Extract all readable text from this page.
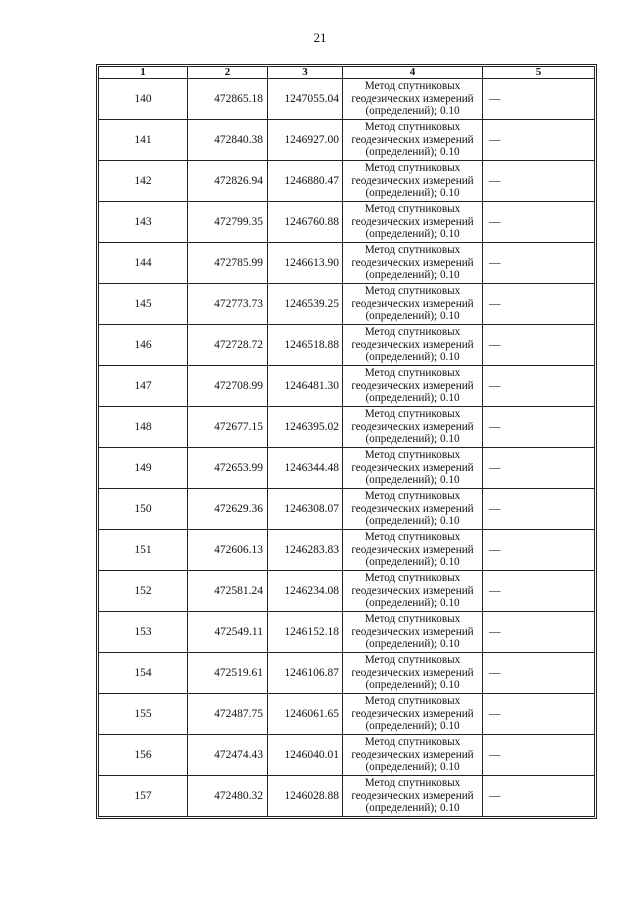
21
1	2	3	4	5
140	472865.18	1247055.04	Метод спутниковых
геодезических измерений
(определений); 0.10	—
141	472840.38	1246927.00	Метод спутниковых
геодезических измерений
(определений); 0.10	—
142	472826.94	1246880.47	Метод спутниковых
геодезических измерений
(определений); 0.10	—
143	472799.35	1246760.88	Метод спутниковых
геодезических измерений
(определений); 0.10	—
144	472785.99	1246613.90	Метод спутниковых
геодезических измерений
(определений); 0.10	—
145	472773.73	1246539.25	Метод спутниковых
геодезических измерений
(определений); 0.10	—
146	472728.72	1246518.88	Метод спутниковых
геодезических измерений
(определений); 0.10	—
147	472708.99	1246481.30	Метод спутниковых
геодезических измерений
(определений); 0.10	—
148	472677.15	1246395.02	Метод спутниковых
геодезических измерений
(определений); 0.10	—
149	472653.99	1246344.48	Метод спутниковых
геодезических измерений
(определений); 0.10	—
150	472629.36	1246308.07	Метод спутниковых
геодезических измерений
(определений); 0.10	—
151	472606.13	1246283.83	Метод спутниковых
геодезических измерений
(определений); 0.10	—
152	472581.24	1246234.08	Метод спутниковых
геодезических измерений
(определений); 0.10	—
153	472549.11	1246152.18	Метод спутниковых
геодезических измерений
(определений); 0.10	—
154	472519.61	1246106.87	Метод спутниковых
геодезических измерений
(определений); 0.10	—
155	472487.75	1246061.65	Метод спутниковых
геодезических измерений
(определений); 0.10	—
156	472474.43	1246040.01	Метод спутниковых
геодезических измерений
(определений); 0.10	—
157	472480.32	1246028.88	Метод спутниковых
геодезических измерений
(определений); 0.10	—
